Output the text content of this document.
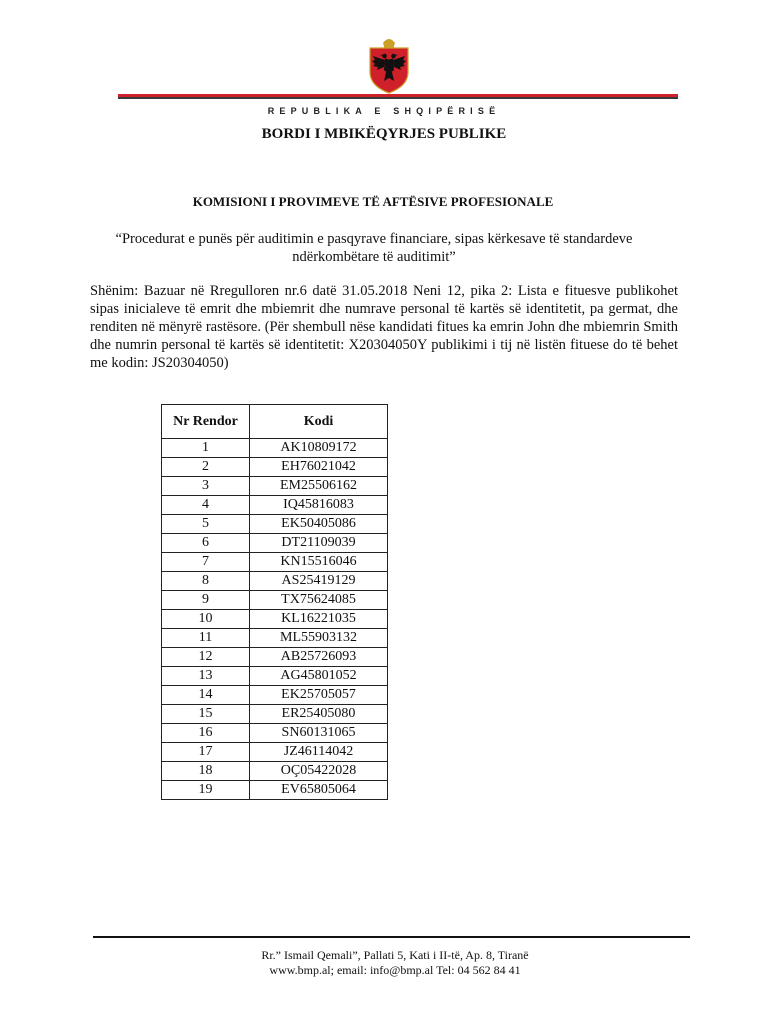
REPUBLIKA E SHQIPËRISË
BORDI I MBIKËQYRJES PUBLIKE
KOMISIONI I PROVIMEVE TË AFTËSIVE PROFESIONALE
“Procedurat e punës për auditimin e pasqyrave financiare, sipas kërkesave të standardeve ndërkombëtare të auditimit”
Shënim: Bazuar në Rregulloren nr.6 datë 31.05.2018 Neni 12, pika 2: Lista e fituesve publikohet sipas inicialeve të emrit dhe mbiemrit dhe numrave personal të kartës së identitetit, pa germat, dhe renditen në mënyrë rastësore. (Për shembull nëse kandidati fitues ka emrin John dhe mbiemrin Smith dhe numrin personal të kartës së identitetit: X20304050Y publikimi i tij në listën fituese do të behet me kodin: JS20304050)
Nr Rendor	Kodi
1	AK10809172
2	EH76021042
3	EM25506162
4	IQ45816083
5	EK50405086
6	DT21109039
7	KN15516046
8	AS25419129
9	TX75624085
10	KL16221035
11	ML55903132
12	AB25726093
13	AG45801052
14	EK25705057
15	ER25405080
16	SN60131065
17	JZ46114042
18	OÇ05422028
19	EV65805064
Rr.” Ismail Qemali”, Pallati 5, Kati i II-të, Ap. 8, Tiranë
www.bmp.al; email: info@bmp.al Tel: 04 562 84 41
